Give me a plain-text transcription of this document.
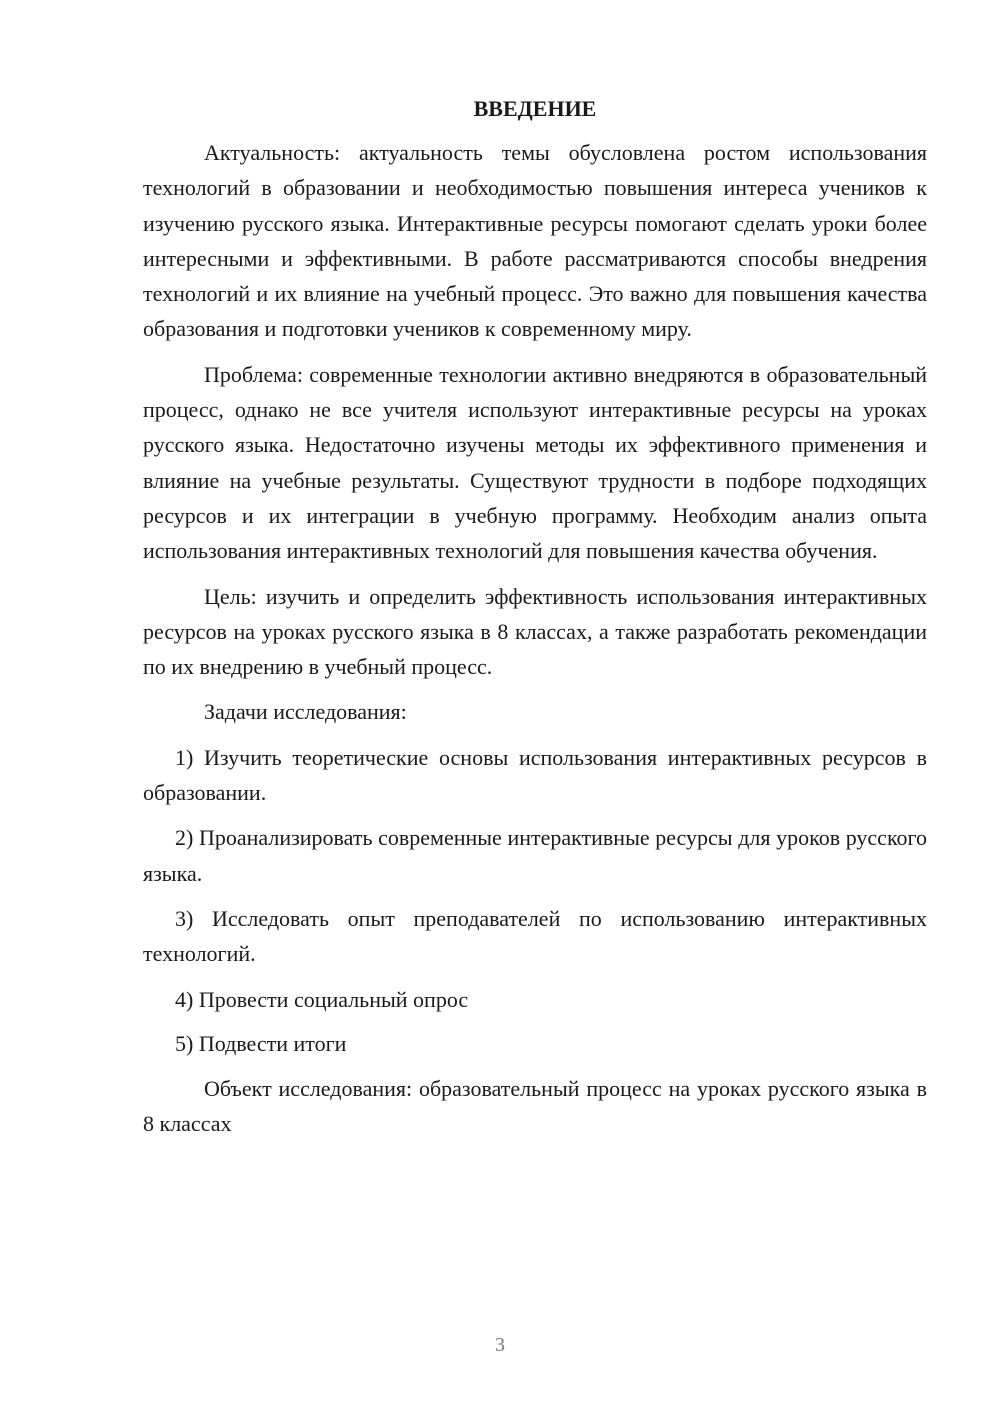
ВВЕДЕНИЕ

Актуальность: актуальность темы обусловлена ростом использования технологий в образовании и необходимостью повышения интереса учеников к изучению русского языка. Интерактивные ресурсы помогают сделать уроки более интересными и эффективными. В работе рассматриваются способы внедрения технологий и их влияние на учебный процесс. Это важно для повышения качества образования и подготовки учеников к современному миру.

Проблема: современные технологии активно внедряются в образовательный процесс, однако не все учителя используют интерактивные ресурсы на уроках русского языка. Недостаточно изучены методы их эффективного применения и влияние на учебные результаты. Существуют трудности в подборе подходящих ресурсов и их интеграции в учебную программу. Необходим анализ опыта использования интерактивных технологий для повышения качества обучения.

Цель: изучить и определить эффективность использования интерактивных ресурсов на уроках русского языка в 8 классах, а также разработать рекомендации по их внедрению в учебный процесс.

Задачи исследования:

1) Изучить теоретические основы использования интерактивных ресурсов в образовании.

2) Проанализировать современные интерактивные ресурсы для уроков русского языка.

3) Исследовать опыт преподавателей по использованию интерактивных технологий.

4) Провести социальный опрос

5) Подвести итоги

Объект исследования: образовательный процесс на уроках русского языка в 8 классах

3
